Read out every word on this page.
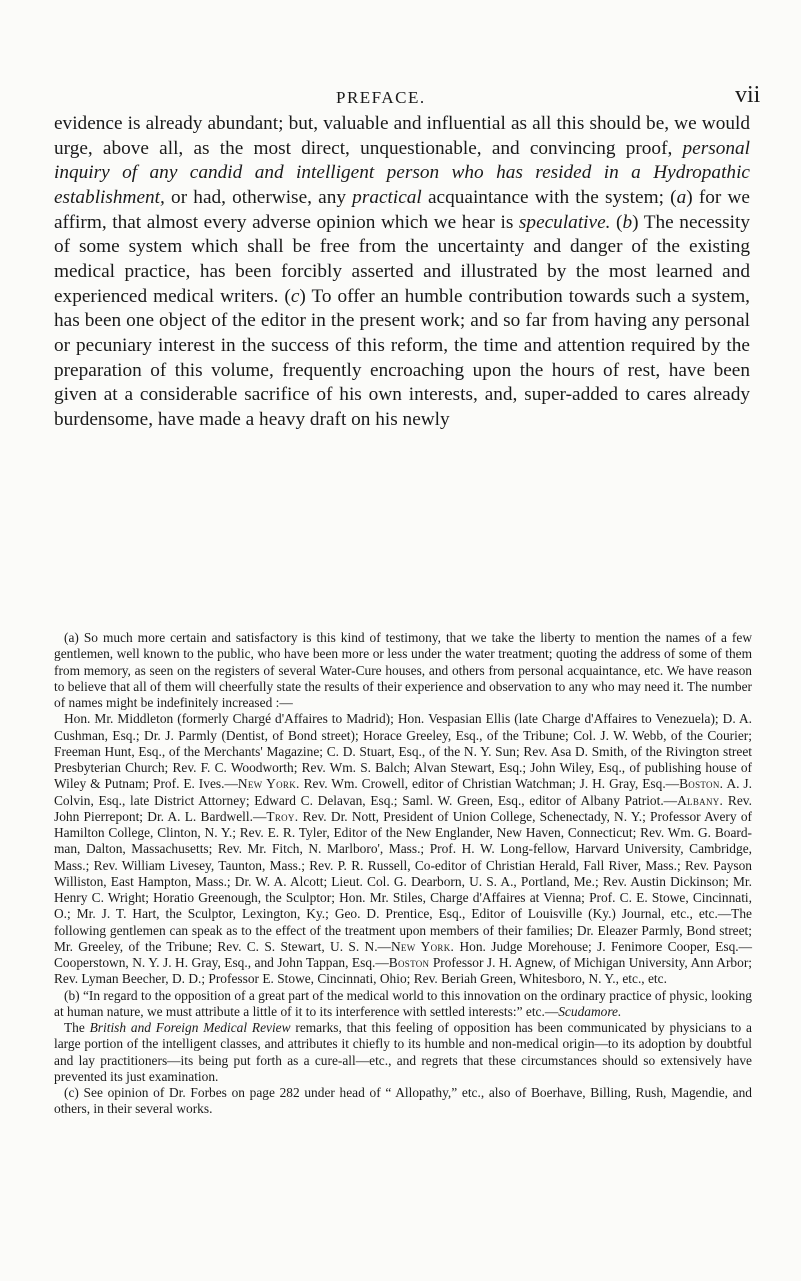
PREFACE.	vii

evidence is already abundant; but, valuable and influential as all this should be, we would urge, above all, as the most direct, unquestionable, and convincing proof, personal inquiry of any candid and intelligent person who has resided in a Hydropathic establishment, or had, otherwise, any practical acquaintance with the system; (a) for we affirm, that almost every adverse opinion which we hear is speculative. (b) The necessity of some system which shall be free from the uncertainty and danger of the existing medical practice, has been forcibly asserted and illustrated by the most learned and experienced medical writers. (c) To offer an humble contribution towards such a system, has been one object of the editor in the present work; and so far from having any personal or pecuniary interest in the success of this reform, the time and attention required by the preparation of this volume, frequently encroaching upon the hours of rest, have been given at a considerable sacrifice of his own interests, and, super-added to cares already burdensome, have made a heavy draft on his newly

(a) So much more certain and satisfactory is this kind of testimony, that we take the liberty to mention the names of a few gentlemen, well known to the public, who have been more or less under the water treatment; quoting the address of some of them from memory, as seen on the registers of several Water-Cure houses, and others from personal acquaintance, etc. We have reason to believe that all of them will cheerfully state the results of their experience and observation to any who may need it. The number of names might be indefinitely increased :—

Hon. Mr. Middleton (formerly Chargé d'Affaires to Madrid); Hon. Vespasian Ellis (late Charge d'Affaires to Venezuela); D. A. Cushman, Esq.; Dr. J. Parmly (Dentist, of Bond street); Horace Greeley, Esq., of the Tribune; Col. J. W. Webb, of the Courier; Freeman Hunt, Esq., of the Merchants' Magazine; C. D. Stuart, Esq., of the N. Y. Sun; Rev. Asa D. Smith, of the Rivington street Presbyterian Church; Rev. F. C. Woodworth; Rev. Wm. S. Balch; Alvan Stewart, Esq.; John Wiley, Esq., of publishing house of Wiley & Putnam; Prof. E. Ives.—New York. Rev. Wm. Crowell, editor of Christian Watchman; J. H. Gray, Esq.—Boston. A. J. Colvin, Esq., late District Attorney; Edward C. Delavan, Esq.; Saml. W. Green, Esq., editor of Albany Patriot.—Albany. Rev. John Pierrepont; Dr. A. L. Bardwell.—Troy. Rev. Dr. Nott, President of Union College, Schenectady, N. Y.; Professor Avery of Hamilton College, Clinton, N. Y.; Rev. E. R. Tyler, Editor of the New Englander, New Haven, Connecticut; Rev. Wm. G. Board-man, Dalton, Massachusetts; Rev. Mr. Fitch, N. Marlboro', Mass.; Prof. H. W. Long-fellow, Harvard University, Cambridge, Mass.; Rev. William Livesey, Taunton, Mass.; Rev. P. R. Russell, Co-editor of Christian Herald, Fall River, Mass.; Rev. Payson Williston, East Hampton, Mass.; Dr. W. A. Alcott; Lieut. Col. G. Dearborn, U. S. A., Portland, Me.; Rev. Austin Dickinson; Mr. Henry C. Wright; Horatio Greenough, the Sculptor; Hon. Mr. Stiles, Charge d'Affaires at Vienna; Prof. C. E. Stowe, Cincinnati, O.; Mr. J. T. Hart, the Sculptor, Lexington, Ky.; Geo. D. Prentice, Esq., Editor of Louisville (Ky.) Journal, etc., etc.—The following gentlemen can speak as to the effect of the treatment upon members of their families; Dr. Eleazer Parmly, Bond street; Mr. Greeley, of the Tribune; Rev. C. S. Stewart, U. S. N.—New York. Hon. Judge Morehouse; J. Fenimore Cooper, Esq.—Cooperstown, N. Y. J. H. Gray, Esq., and John Tappan, Esq.—Boston Professor J. H. Agnew, of Michigan University, Ann Arbor; Rev. Lyman Beecher, D. D.; Professor E. Stowe, Cincinnati, Ohio; Rev. Beriah Green, Whitesboro, N. Y., etc., etc.

(b) “In regard to the opposition of a great part of the medical world to this innovation on the ordinary practice of physic, looking at human nature, we must attribute a little of it to its interference with settled interests:” etc.—Scudamore.

The British and Foreign Medical Review remarks, that this feeling of opposition has been communicated by physicians to a large portion of the intelligent classes, and attributes it chiefly to its humble and non-medical origin—to its adoption by doubtful and lay practitioners—its being put forth as a cure-all—etc., and regrets that these circumstances should so extensively have prevented its just examination.

(c) See opinion of Dr. Forbes on page 282 under head of “ Allopathy,” etc., also of Boerhave, Billing, Rush, Magendie, and others, in their several works.
